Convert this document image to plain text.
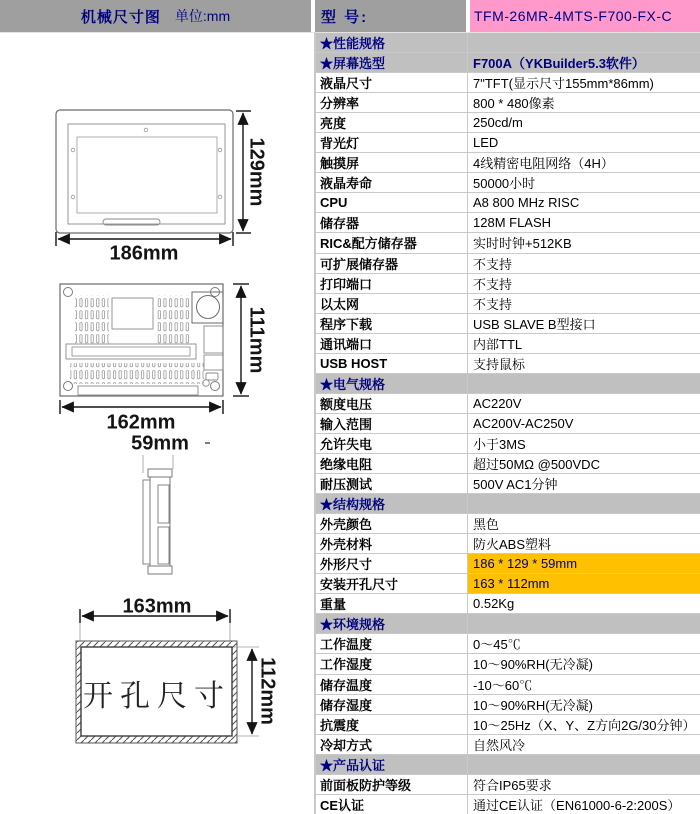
机械尺寸图 单位:mm	型 号:	TFM-26MR-4MTS-F700-FX-C
129mm
186mm
111mm
162mm
59mm
163mm
112mm
开孔尺寸
★性能规格
★屏幕选型	F700A（YKBuilder5.3软件）
液晶尺寸	7"TFT(显示尺寸155mm*86mm)
分辨率	800 * 480像素
亮度	250cd/m
背光灯	LED
触摸屏	4线精密电阻网络（4H）
液晶寿命	50000小时
CPU	A8 800 MHz RISC
储存器	128M FLASH
RIC&配方储存器	实时时钟+512KB
可扩展储存器	不支持
打印端口	不支持
以太网	不支持
程序下载	USB SLAVE B型接口
通讯端口	内部TTL
USB HOST	支持鼠标
★电气规格
额度电压	AC220V
输入范围	AC200V-AC250V
允许失电	小于3MS
绝缘电阻	超过50MΩ @500VDC
耐压测试	500V AC1分钟
★结构规格
外壳颜色	黑色
外壳材料	防火ABS塑料
外形尺寸	186 * 129 * 59mm
安装开孔尺寸	163 * 112mm
重量	0.52Kg
★环境规格
工作温度	0～45℃
工作湿度	10～90%RH(无冷凝)
储存温度	-10～60℃
储存湿度	10～90%RH(无冷凝)
抗震度	10～25Hz（X、Y、Z方向2G/30分钟）
冷却方式	自然风冷
★产品认证
前面板防护等级	符合IP65要求
CE认证	通过CE认证（EN61000-6-2:200S）
